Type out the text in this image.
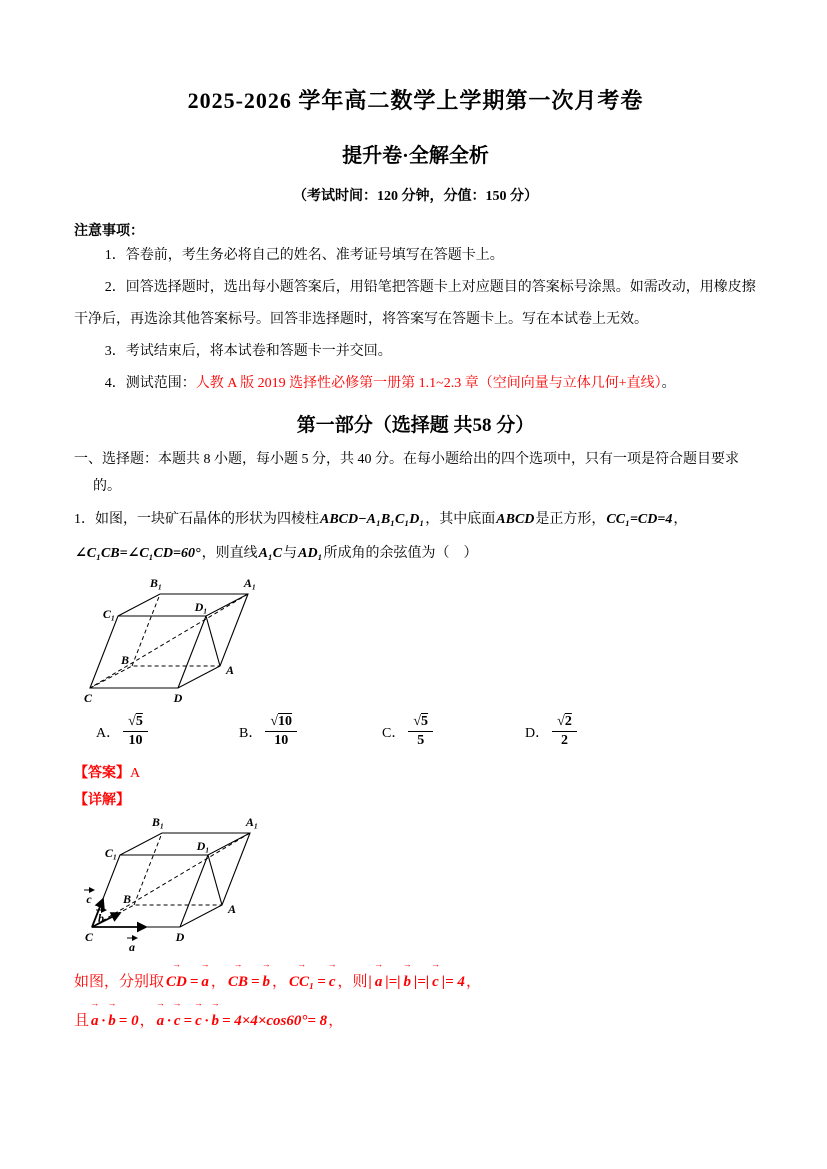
2025-2026 学年高二数学上学期第一次月考卷
提升卷·全解全析
（考试时间：120 分钟，分值：150 分）
注意事项：

1．答卷前，考生务必将自己的姓名、准考证号填写在答题卡上。

2．回答选择题时，选出每小题答案后，用铅笔把答题卡上对应题目的答案标号涂黑。如需改动，用橡皮擦干净后，再选涂其他答案标号。回答非选择题时，将答案写在答题卡上。写在本试卷上无效。

3．考试结束后，将本试卷和答题卡一并交回。

4．测试范围：人教 A 版 2019 选择性必修第一册第 1.1~2.3 章（空间向量与立体几何+直线）。

第一部分（选择题 共58 分）

一、选择题：本题共 8 小题，每小题 5 分，共 40 分。在每小题给出的四个选项中，只有一项是符合题目要求的。

1．如图，一块矿石晶体的形状为四棱柱ABCD−A₁B₁C₁D₁，其中底面ABCD是正方形，CC₁=CD=4，∠C₁CB=∠C₁CD=60°，则直线A₁C与AD₁所成角的余弦值为（　）

B₁	A₁
C₁	D₁
B
A
C	D
A． $\frac{√5}{10}$	B． $\frac{√10}{10}$	C． $\frac{√5}{5}$	D． $\frac{√2}{2}$

【答案】A

【详解】

B₁	A₁
C₁	D₁
B
A
C	D
a
b
c

如图，分别取 CD → = a → ， CB → = b → ， CC₁ → = c → ，则| a → |=| b → |=| c → |= 4，

且 a → · b → = 0， a → · c → = c → · b → = 4×4×cos60°= 8，
